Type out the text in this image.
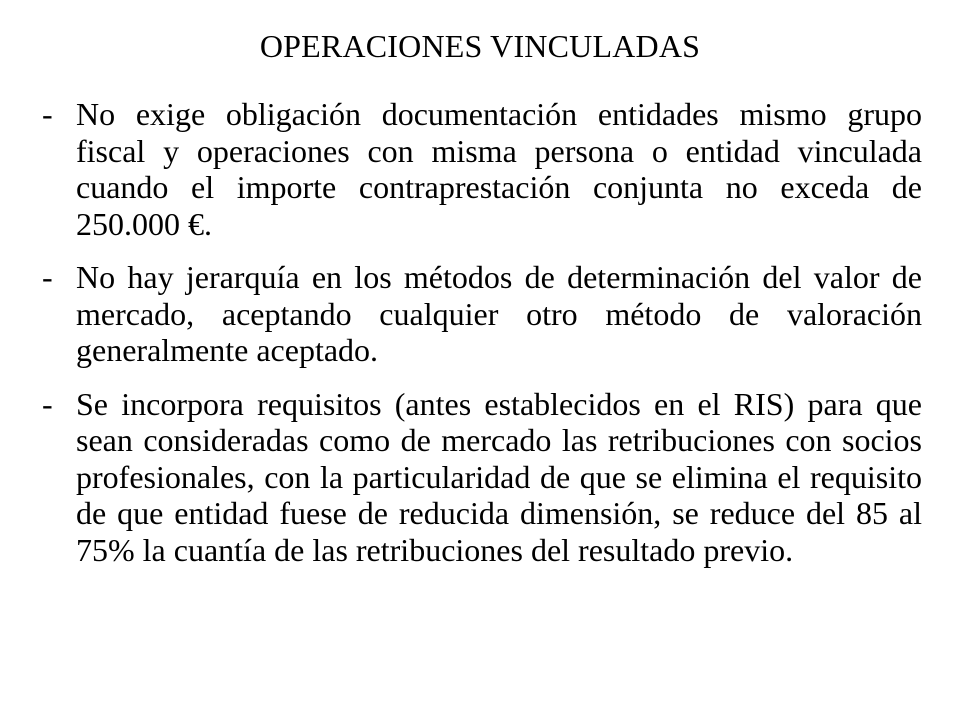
OPERACIONES VINCULADAS
- No exige obligación documentación entidades mismo grupo fiscal y operaciones con misma persona o entidad vinculada cuando el importe contraprestación conjunta no exceda de 250.000 €.
- No hay jerarquía en los métodos de determinación del valor de mercado, aceptando cualquier otro método de valoración generalmente aceptado.
- Se incorpora requisitos (antes establecidos en el RIS) para que sean consideradas como de mercado las retribuciones con socios profesionales, con la particularidad de que se elimina el requisito de que entidad fuese de reducida dimensión, se reduce del 85 al 75% la cuantía de las retribuciones del resultado previo.
